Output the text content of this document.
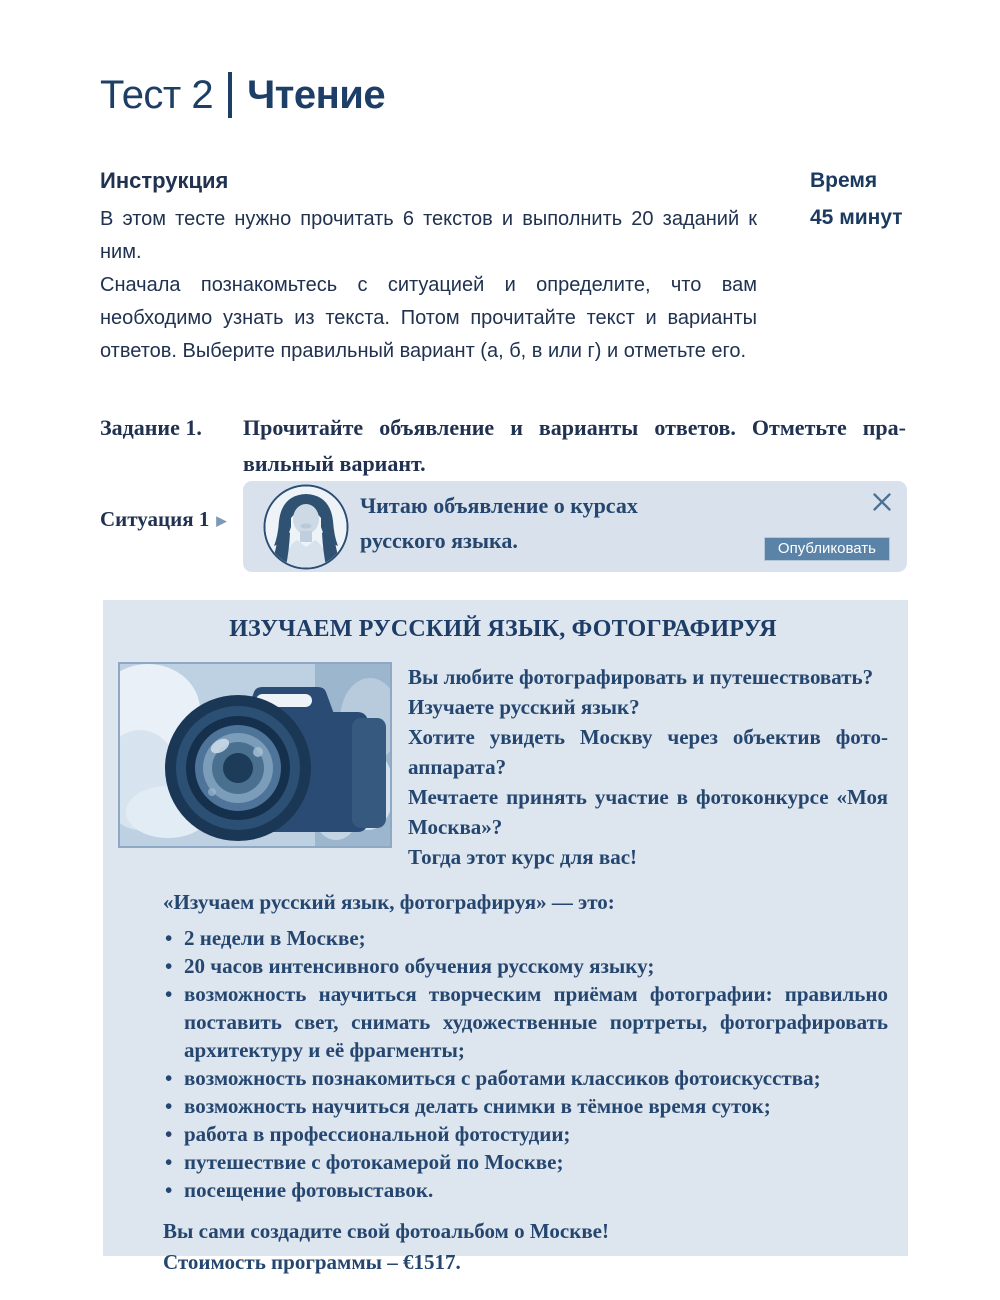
Тест 2 Чтение
Инструкция

В этом тесте нужно прочитать 6 текстов и выполнить 20 заданий к ним.

Сначала познакомьтесь с ситуацией и определите, что вам необходимо узнать из текста. Потом прочитайте текст и варианты ответов. Выберите правильный вариант (а, б, в или г) и отметьте его.

Время
45 минут
Задание 1. Прочитайте объявление и варианты ответов. Отметьте правильный вариант.

Ситуация 1 ▶

Читаю объявление о курсах русского языка.	Опубликовать
ИЗУЧАЕМ РУССКИЙ ЯЗЫК, ФОТОГРАФИРУЯ

Вы любите фотографировать и путешествовать?

Изучаете русский язык?

Хотите увидеть Москву через объектив фотоаппарата?

Мечтаете принять участие в фотоконкурсе «Моя Москва»?

Тогда этот курс для вас!

«Изучаем русский язык, фотографируя» — это:

• 2 недели в Москве;
• 20 часов интенсивного обучения русскому языку;
• возможность научиться творческим приёмам фотографии: правильно поставить свет, снимать художественные портреты, фотографировать архитектуру и её фрагменты;
• возможность познакомиться с работами классиков фотоискусства;
• возможность научиться делать снимки в тёмное время суток;
• работа в профессиональной фотостудии;
• путешествие с фотокамерой по Москве;
• посещение фотовыставок.

Вы сами создадите свой фотоальбом о Москве!

Стоимость программы – €1517.
